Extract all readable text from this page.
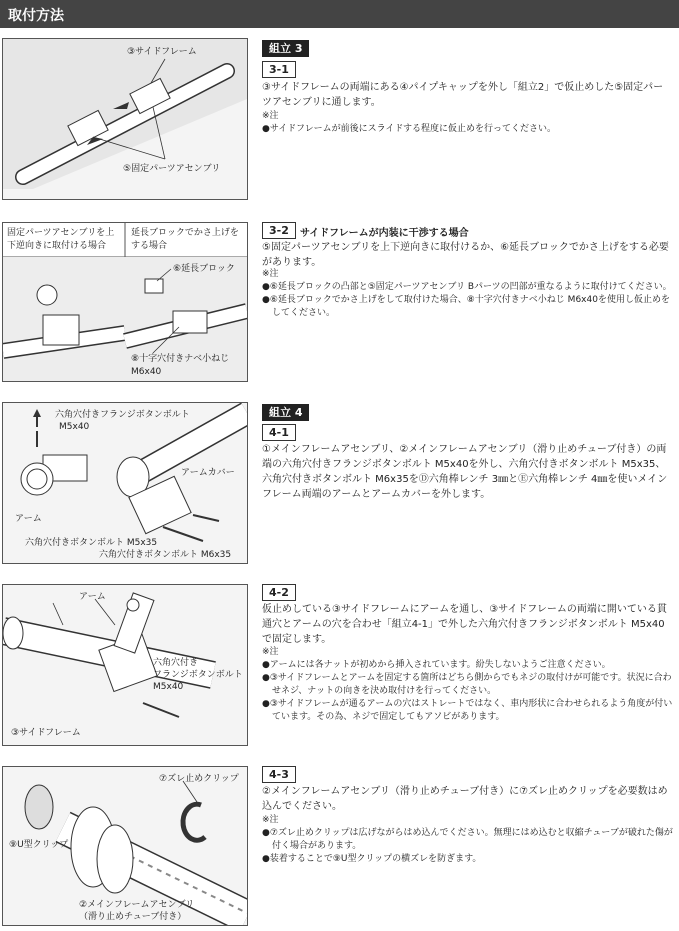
取付方法
③サイドフレーム
⑤固定パーツアセンブリ
組立 3
3-1
③サイドフレームの両端にある④パイプキャップを外し「組立2」で仮止めした⑤固定パーツアセンブリに通します。
※注
●サイドフレームが前後にスライドする程度に仮止めを行ってください。
固定パーツアセンブリを上下逆向きに取付ける場合
延長ブロックでかさ上げをする場合
⑥延長ブロック
⑧十字穴付きナベ小ねじ
M6x40
3-2	サイドフレームが内装に干渉する場合
⑤固定パーツアセンブリを上下逆向きに取付けるか、⑥延長ブロックでかさ上げをする必要があります。
※注
●⑥延長ブロックの凸部と⑤固定パーツアセンブリ Bパーツの凹部が重なるように取付けてください。
●⑥延長ブロックでかさ上げをして取付けた場合、⑧十字穴付きナベ小ねじ M6x40を使用し仮止めをしてください。
六角穴付きフランジボタンボルト
M5x40
アームカバー
アーム
六角穴付きボタンボルト M5x35
六角穴付きボタンボルト M6x35
組立 4
4-1
①メインフレームアセンブリ、②メインフレームアセンブリ（滑り止めチューブ付き）の両端の六角穴付きフランジボタンボルト M5x40を外し、六角穴付きボタンボルト M5x35、六角穴付きボタンボルト M6x35をⒹ六角棒レンチ 3㎜とⒺ六角棒レンチ 4㎜を使いメインフレーム両端のアームとアームカバーを外します。
アーム
六角穴付き
フランジボタンボルト
M5x40
③サイドフレーム
4-2
仮止めしている③サイドフレームにアームを通し、③サイドフレームの両端に開いている貫通穴とアームの穴を合わせ「組立4-1」で外した六角穴付きフランジボタンボルト M5x40で固定します。
※注
●アームには各ナットが初めから挿入されています。紛失しないようご注意ください。
●③サイドフレームとアームを固定する箇所はどちら側からでもネジの取付けが可能です。状況に合わせネジ、ナットの向きを決め取付けを行ってください。
●③サイドフレームが通るアームの穴はストレートではなく、車内形状に合わせられるよう角度が付いています。その為、ネジで固定してもアソビがあります。
⑦ズレ止めクリップ
⑨U型クリップ
②メインフレームアセンブリ
（滑り止めチューブ付き）
4-3
②メインフレームアセンブリ（滑り止めチューブ付き）に⑦ズレ止めクリップを必要数はめ込んでください。
※注
●⑦ズレ止めクリップは広げながらはめ込んでください。無理にはめ込むと収縮チューブが破れた傷が付く場合があります。
●装着することで⑨U型クリップの横ズレを防ぎます。
